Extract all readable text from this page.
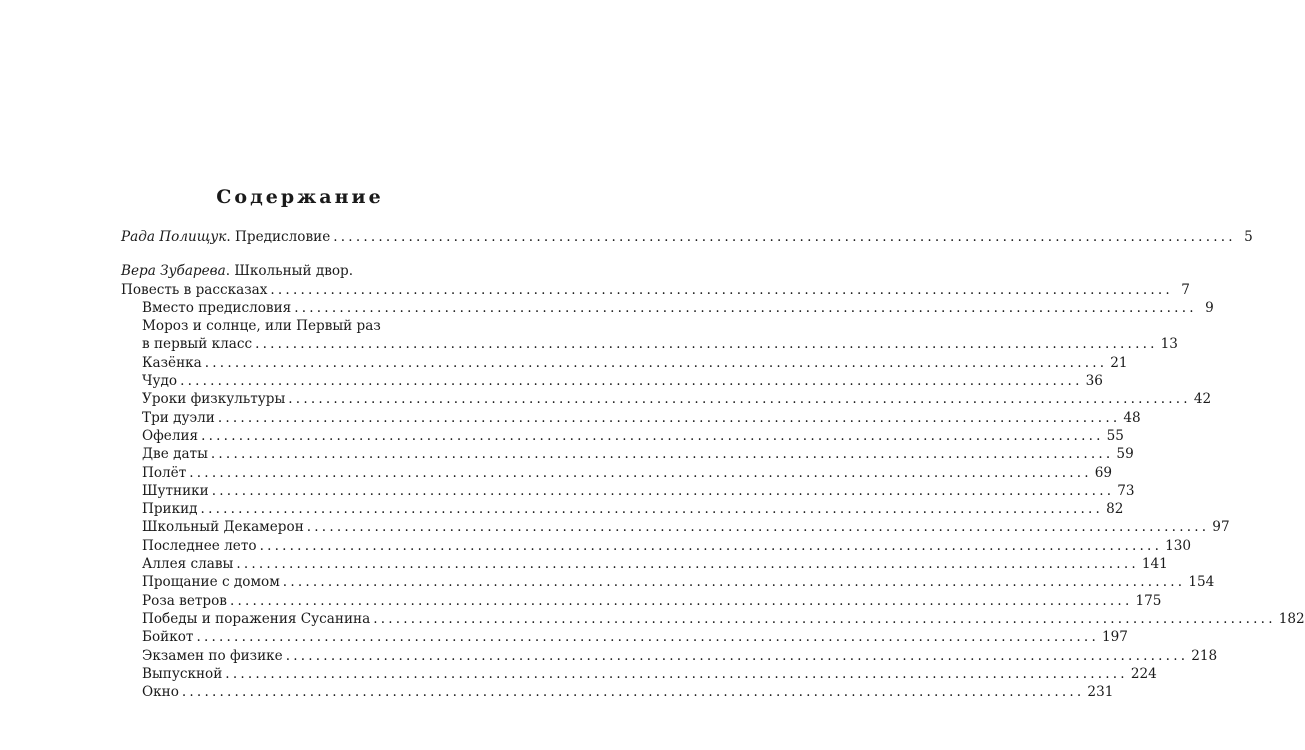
Содержание
Рада Полищук. Предисловие ........................................................................................................................ 5
Вера Зубарева. Школьный двор.
Повесть в рассказах ........................................................................................................................ 7
Вместо предисловия ........................................................................................................................ 9
Мороз и солнце, или Первый раз
в первый класс ........................................................................................................................ 13
Казёнка ........................................................................................................................ 21
Чудо ........................................................................................................................ 36
Уроки физкультуры ........................................................................................................................ 42
Три дуэли ........................................................................................................................ 48
Офелия ........................................................................................................................ 55
Две даты ........................................................................................................................ 59
Полёт ........................................................................................................................ 69
Шутники ........................................................................................................................ 73
Прикид ........................................................................................................................ 82
Школьный Декамерон ........................................................................................................................ 97
Последнее лето ........................................................................................................................ 130
Аллея славы ........................................................................................................................ 141
Прощание с домом ........................................................................................................................ 154
Роза ветров ........................................................................................................................ 175
Победы и поражения Сусанина ........................................................................................................................ 182
Бойкот ........................................................................................................................ 197
Экзамен по физике ........................................................................................................................ 218
Выпускной ........................................................................................................................ 224
Окно ........................................................................................................................ 231
